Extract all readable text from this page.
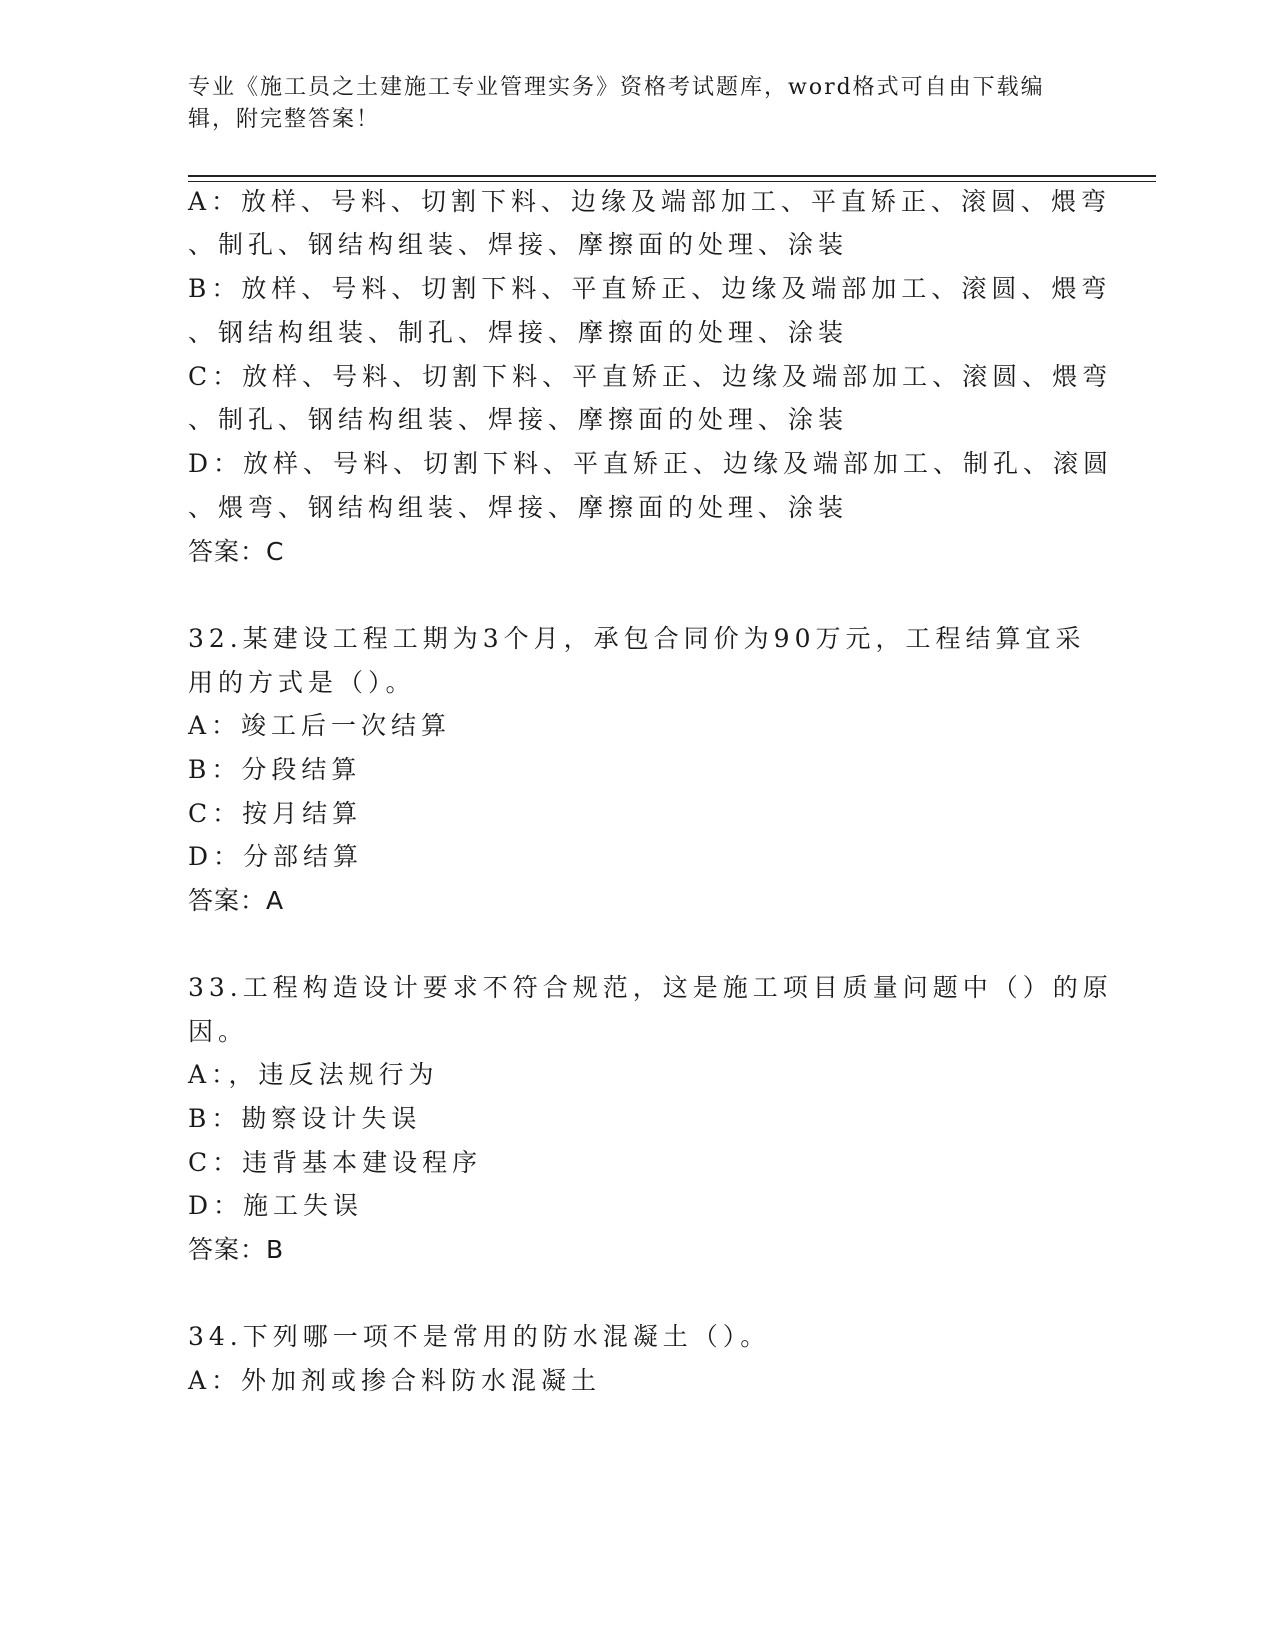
专业《施工员之土建施工专业管理实务》资格考试题库，word格式可自由下载编辑，附完整答案！
A：放样、号料、切割下料、边缘及端部加工、平直矫正、滚圆、煨弯
、制孔、钢结构组装、焊接、摩擦面的处理、涂装
B：放样、号料、切割下料、平直矫正、边缘及端部加工、滚圆、煨弯
、钢结构组装、制孔、焊接、摩擦面的处理、涂装
C：放样、号料、切割下料、平直矫正、边缘及端部加工、滚圆、煨弯
、制孔、钢结构组装、焊接、摩擦面的处理、涂装
D：放样、号料、切割下料、平直矫正、边缘及端部加工、制孔、滚圆
、煨弯、钢结构组装、焊接、摩擦面的处理、涂装
答案：C
32.某建设工程工期为3个月，承包合同价为90万元，工程结算宜采
用的方式是（）。
A：竣工后一次结算
B：分段结算
C：按月结算
D：分部结算
答案：A
33.工程构造设计要求不符合规范，这是施工项目质量问题中（）的原
因。
A：，违反法规行为
B：勘察设计失误
C：违背基本建设程序
D：施工失误
答案：B
34.下列哪一项不是常用的防水混凝土（）。
A：外加剂或掺合料防水混凝土
